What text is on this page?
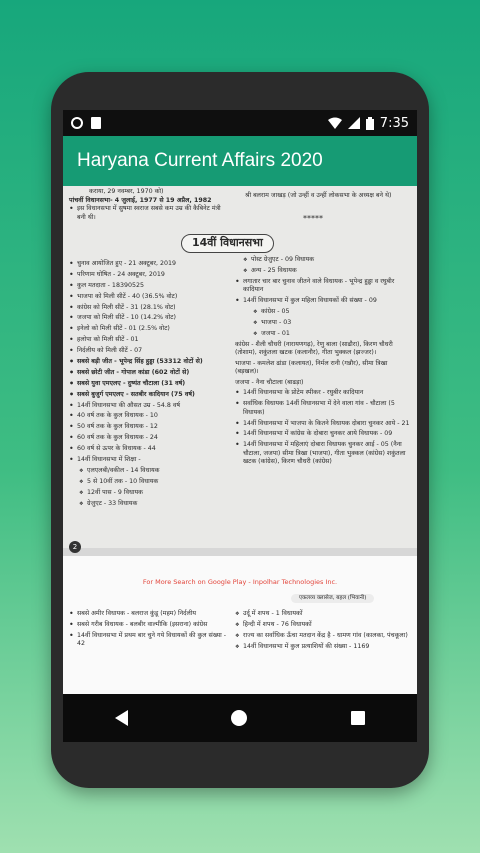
7:35
Haryana Current Affairs 2020
कराया, 29 नवम्बर, 1970 को)
पांचवीं विधानसभा- 4 जुलाई, 1977 से 19 अप्रैल, 1982
• इस विधानसभा में सुषमा स्वराज सबसे कम उम्र की कैबिनेट मंत्री बनी थी।
श्री बलराम जाखड़ (जो उन्हीं व उन्हीं लोकसभा के अध्यक्ष बने थे)
*****
14वीं विधानसभा
• चुनाव आयोजित हुए - 21 अक्टूबर, 2019
• परिणाम घोषित - 24 अक्टूबर, 2019
• कुल मतदाता - 18390525
• भाजपा को मिली सीटें - 40 (36.5% वोट)
• कांग्रेस को मिली सीटें - 31 (28.1% वोट)
• जजपा को मिली सीटें - 10 (14.2% वोट)
• इनेलो को मिली सीटें - 01 (2.5% वोट)
• हलोपा को मिली सीटें - 01
• निर्दलीय को मिली सीटें - 07
• सबसे बड़ी जीत - भूपेन्द्र सिंह हुड्डा (53312 वोटों से)
• सबसे छोटी जीत - गोपाल कांडा (602 वोटों से)
• सबसे युवा एमएलए - दुष्यंत चौटाला (31 वर्ष)
• सबसे बुजुर्ग एमएलए - सतबीर कादियान (75 वर्ष)
• 14वीं विधानसभा की औसत उम्र - 54.8 वर्ष
• 40 वर्ष तक के कुल विधायक - 10
• 50 वर्ष तक के कुल विधायक - 12
• 60 वर्ष तक के कुल विधायक - 24
• 60 वर्ष से ऊपर के विधायक - 44
• 14वीं विधानसभा में शिक्षा -
❖ एलएलबी/वकील - 14 विधायक
❖ 5 से 10वीं तक - 10 विधायक
❖ 12वीं पास - 9 विधायक
❖ ग्रेजुएट - 33 विधायक
❖ पोस्ट ग्रेजुएट - 09 विधायक
❖ अन्य - 25 विधायक
• लगातार चार बार चुनाव जीतने वाले विधायक - भूपेन्द्र हुड्डा व रघुबीर कादियान
• 14वीं विधानसभा में कुल महिला विधायकों की संख्या - 09
❖ कांग्रेस - 05
❖ भाजपा - 03
❖ जजपा - 01
कांग्रेस - शैली चौधरी (नारायणगढ़), रेणु बाला (साढौरा), किरण चौधरी (तोशाम), शकुंतला खटक (कलानौर), गीता भुक्कल (झज्जर)।
भाजपा - कमलेश ढांडा (कलायत), निर्मल रानी (गन्नौर), सीमा त्रिखा (बड़खल)।
जजपा - नैना चौटाला (बाढड़ा)
• 14वीं विधानसभा के प्रोटेम स्पीकर - रघुबीर कादियान
• सर्वाधिक विधायक 14वीं विधानसभा में देने वाला गांव - चौटाला (5 विधायक)
• 14वीं विधानसभा में भाजपा के कितने विधायक दोबारा चुनकर आये - 21
• 14वीं विधानसभा में कांग्रेस के दोबारा चुनकर आये विधायक - 09
• 14वीं विधानसभा में महिलाएं दोबारा विधायक चुनकर आई - 05 (नैना चौटाला, जजपा) सीमा त्रिखा (भाजपा), गीता भुक्कल (कांग्रेस) शकुंतला खटक (कांग्रेस), किरण चौधरी (कांग्रेस)
2
For More Search on Google Play - Inpolhar Technologies Inc.
एकलव्य क्लासेज, बहल (भिवानी)
• सबसे अमीर विधायक - बलराज कुंडू (महम) निर्दलीय
• सबसे गरीब विधायक - बलबीर वाल्मीकि (इसराना) कांग्रेस
• 14वीं विधानसभा में प्रथम बार चुने गये विधायकों की कुल संख्या - 42
❖ उर्दू में शपथ - 1 विधायकों
❖ हिन्दी में शपथ - 76 विधायकों
❖ राज्य का सर्वाधिक ऊँचा मतदान केंद्र है - धामण गांव (कालका, पंचकूला)
❖ 14वीं विधानसभा में कुल प्रत्याशियों की संख्या - 1169
